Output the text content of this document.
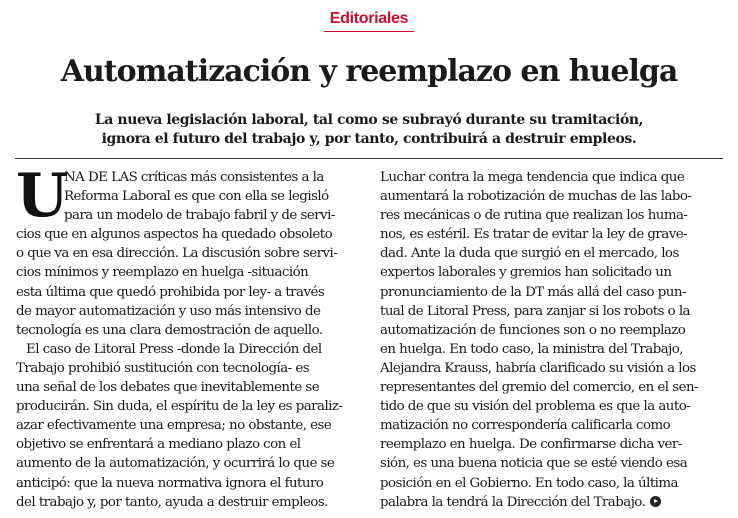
Editoriales
Automatización y reemplazo en huelga
La nueva legislación laboral, tal como se subrayó durante su tramitación,
ignora el futuro del trabajo y, por tanto, contribuirá a destruir empleos.

U
NA DE LAS críticas más consistentes a la
Reforma Laboral es que con ella se legisló
para un modelo de trabajo fabril y de servi-
cios que en algunos aspectos ha quedado obsoleto
o que va en esa dirección. La discusión sobre servi-
cios mínimos y reemplazo en huelga -situación
esta última que quedó prohibida por ley- a través
de mayor automatización y uso más intensivo de
tecnología es una clara demostración de aquello.

El caso de Litoral Press -donde la Dirección del
Trabajo prohibió sustitución con tecnología- es
una señal de los debates que inevitablemente se
producirán. Sin duda, el espíritu de la ley es paraliz-
azar efectivamente una empresa; no obstante, ese
objetivo se enfrentará a mediano plazo con el
aumento de la automatización, y ocurrirá lo que se
anticipó: que la nueva normativa ignora el futuro
del trabajo y, por tanto, ayuda a destruir empleos.

Luchar contra la mega tendencia que indica que
aumentará la robotización de muchas de las labo-
res mecánicas o de rutina que realizan los huma-
nos, es estéril. Es tratar de evitar la ley de grave-
dad. Ante la duda que surgió en el mercado, los
expertos laborales y gremios han solicitado un
pronunciamiento de la DT más allá del caso pun-
tual de Litoral Press, para zanjar si los robots o la
automatización de funciones son o no reemplazo
en huelga. En todo caso, la ministra del Trabajo,
Alejandra Krauss, habría clarificado su visión a los
representantes del gremio del comercio, en el sen-
tido de que su visión del problema es que la auto-
matización no correspondería calificarla como
reemplazo en huelga. De confirmarse dicha ver-
sión, es una buena noticia que se esté viendo esa
posición en el Gobierno. En todo caso, la última
palabra la tendrá la Dirección del Trabajo.
